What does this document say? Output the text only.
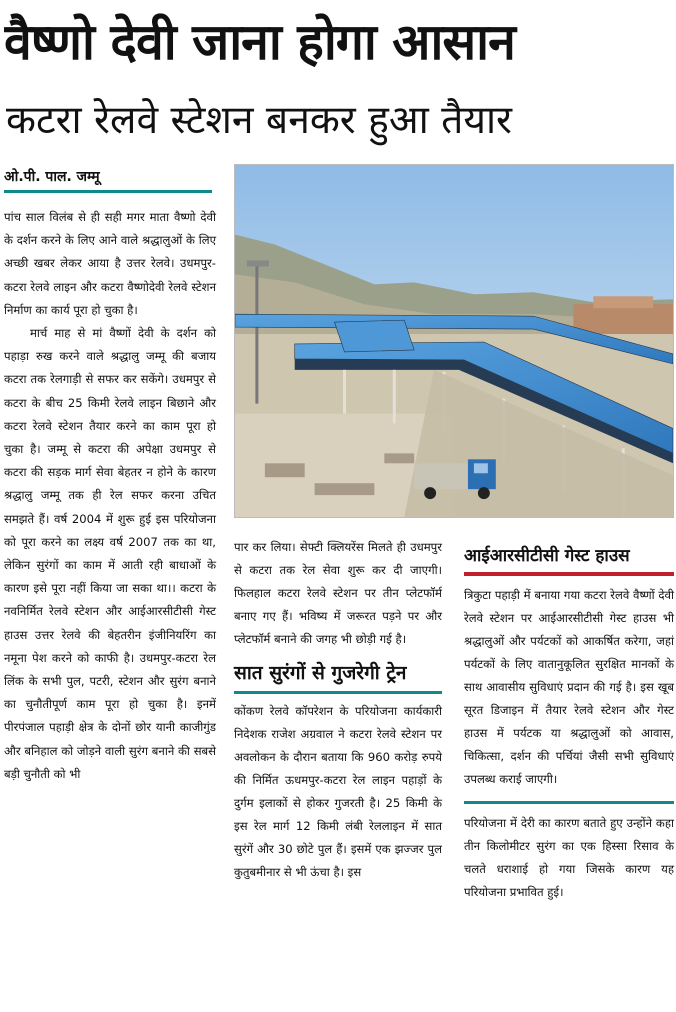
वैष्णो देवी जाना होगा आसान
कटरा रेलवे स्टेशन बनकर हुआ तैयार
ओ.पी. पाल. जम्मू

पांच साल विलंब से ही सही मगर माता वैष्णो देवी के दर्शन करने के लिए आने वाले श्रद्धालुओं के लिए अच्छी खबर लेकर आया है उत्तर रेलवे। उधमपुर-कटरा रेलवे लाइन और कटरा वैष्णोदेवी रेलवे स्टेशन निर्माण का कार्य पूरा हो चुका है।

मार्च माह से मां वैष्णों देवी के दर्शन को पहाड़ा रुख करने वाले श्रद्धालु जम्मू की बजाय कटरा तक रेलगाड़ी से सफर कर सकेंगे। उधमपुर से कटरा के बीच 25 किमी रेलवे लाइन बिछाने और कटरा रेलवे स्टेशन तैयार करने का काम पूरा हो चुका है। जम्मू से कटरा की अपेक्षा उधमपुर से कटरा की सड़क मार्ग सेवा बेहतर न होने के कारण श्रद्धालु जम्मू तक ही रेल सफर करना उचित समझते हैं। वर्ष 2004 में शुरू हुई इस परियोजना को पूरा करने का लक्ष्य वर्ष 2007 तक का था, लेकिन सुरंगों का काम में आती रही बाधाओं के कारण इसे पूरा नहीं किया जा सका था।। कटरा के नवनिर्मित रेलवे स्टेशन और आईआरसीटीसी गेस्ट हाउस उत्तर रेलवे की बेहतरीन इंजीनियरिंग का नमूना पेश करने को काफी है। उधमपुर-कटरा रेल लिंक के सभी पुल, पटरी, स्टेशन और सुरंग बनाने का चुनौतीपूर्ण काम पूरा हो चुका है। इनमें पीरपंजाल पहाड़ी क्षेत्र के दोनों छोर यानी काजीगुंड और बनिहाल को जोड़ने वाली सुरंग बनाने की सबसे बड़ी चुनौती को भी

पार कर लिया। सेफ्टी क्लियरेंस मिलते ही उधमपुर से कटरा तक रेल सेवा शुरू कर दी जाएगी। फिलहाल कटरा रेलवे स्टेशन पर तीन प्लेटफॉर्म बनाए गए हैं। भविष्य में जरूरत पड़ने पर और प्लेटफॉर्म बनाने की जगह भी छोड़ी गई है।

सात सुरंगों से गुजरेगी ट्रेन

कोंकण रेलवे कॉपरेशन के परियोजना कार्यकारी निदेशक राजेश अग्रवाल ने कटरा रेलवे स्टेशन पर अवलोकन के दौरान बताया कि 960 करोड़ रुपये की निर्मित ऊधमपुर-कटरा रेल लाइन पहाड़ों के दुर्गम इलाकों से होकर गुजरती है। 25 किमी के इस रेल मार्ग 12 किमी लंबी रेललाइन में सात सुरंगें और 30 छोटे पुल हैं। इसमें एक झज्जर पुल कुतुबमीनार से भी ऊंचा है। इस

आईआरसीटीसी गेस्ट हाउस

त्रिकुटा पहाड़ी में बनाया गया कटरा रेलवे वैष्णों देवी रेलवे स्टेशन पर आईआरसीटीसी गेस्ट हाउस भी श्रद्धालुओं और पर्यटकों को आकर्षित करेगा, जहां पर्यटकों के लिए वातानुकूलित सुरक्षित मानकों के साथ आवासीय सुविधाएं प्रदान की गई है। इस खूब सूरत डिजाइन में तैयार रेलवे स्टेशन और गेस्ट हाउस में पर्यटक या श्रद्धालुओं को आवास, चिकित्सा, दर्शन की पर्चियां जैसी सभी सुविधाएं उपलब्ध कराई जाएगी।

परियोजना में देरी का कारण बताते हुए उन्होंने कहा तीन किलोमीटर सुरंग का एक हिस्सा रिसाव के चलते धराशाई हो गया जिसके कारण यह परियोजना प्रभावित हुई।
